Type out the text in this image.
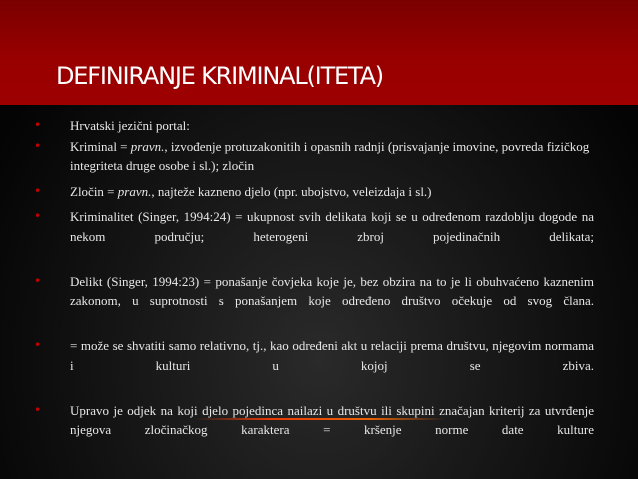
DEFINIRANJE KRIMINAL(ITETA)
• Hrvatski jezični portal:
• Kriminal = pravn., izvođenje protuzakonitih i opasnih radnji (prisvajanje imovine, povreda fizičkog integriteta druge osobe i sl.); zločin
• Zločin = pravn., najteže kazneno djelo (npr. ubojstvo, veleizdaja i sl.)
• Kriminalitet (Singer, 1994:24) = ukupnost svih delikata koji se u određenom razdoblju dogode na nekom području; heterogeni zbroj pojedinačnih delikata;
• Delikt (Singer, 1994:23) = ponašanje čovjeka koje je, bez obzira na to je li obuhvaćeno kaznenim zakonom, u suprotnosti s ponašanjem koje određeno društvo očekuje od svog člana.
• = može se shvatiti samo relativno, tj., kao određeni akt u relaciji prema društvu, njegovim normama i kulturi u kojoj se zbiva.
• Upravo je odjek na koji djelo pojedinca nailazi u društvu ili skupini značajan kriterij za utvrđenje njegova zločinačkog karaktera = kršenje norme date kulture
